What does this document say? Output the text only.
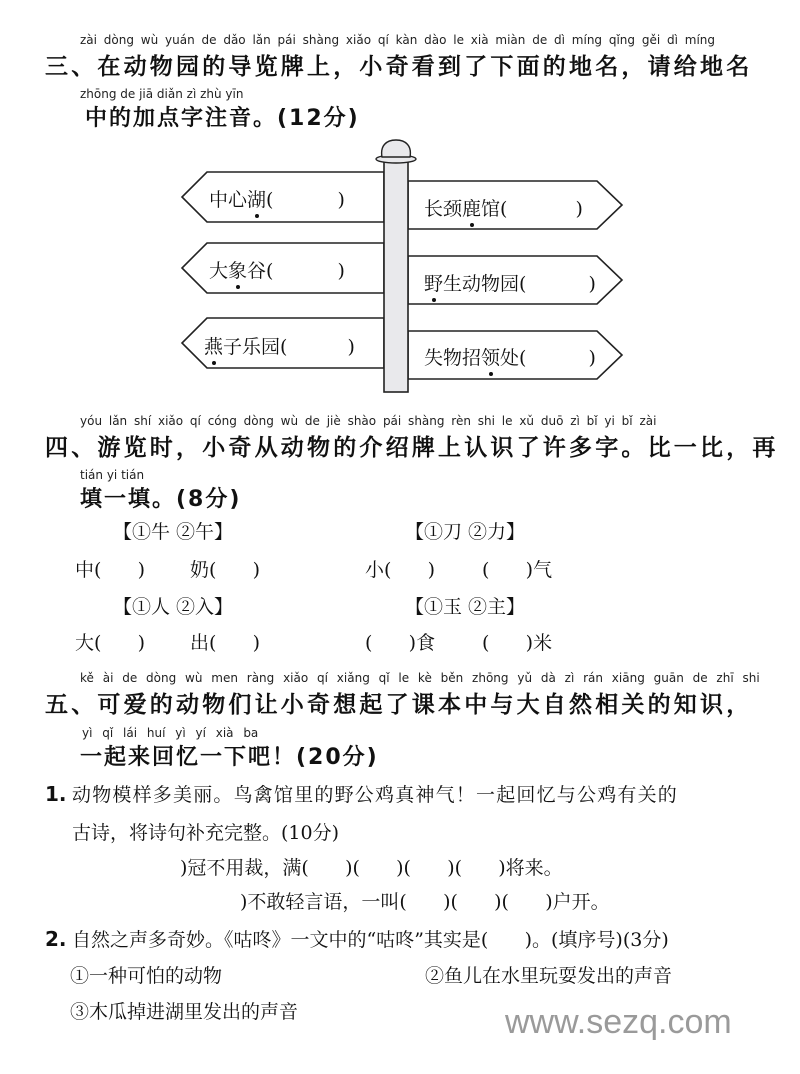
zài dòng wù yuán de dǎo lǎn pái shàng xiǎo qí kàn dào le xià miàn de dì míng qǐng gěi dì míng
三、在动物园的导览牌上，小奇看到了下面的地名，请给地名
zhōng de jiā diǎn zì zhù yīn
中的加点字注音。(12分)
中心湖(	)
大象谷(	)
燕子乐园(	)
长颈鹿馆(	)
野生动物园(	)
失物招领处(	)
yóu lǎn shí xiǎo qí cóng dòng wù de jiè shào pái shàng rèn shi le xǔ duō zì bǐ yi bǐ zài
四、游览时，小奇从动物的介绍牌上认识了许多字。比一比，再
tián yi tián
填一填。(8分)
【①牛 ②午】
中(      ) 奶(      )
【①刀 ②力】
小(      ) (      )气
【①人 ②入】
大(      ) 出(      )
【①玉 ②主】
(      )食 (      )米
kě ài de dòng wù men ràng xiǎo qí xiǎng qǐ le kè běn zhōng yǔ dà zì rán xiāng guān de zhī shi
五、可爱的动物们让小奇想起了课本中与大自然相关的知识，
yì qǐ lái huí yì yí xià ba
一起来回忆一下吧！(20分)
1. 动物模样多美丽。鸟禽馆里的野公鸡真神气！一起回忆与公鸡有关的
古诗，将诗句补充完整。(10分)
)冠不用裁，满(      )(      )(      )(      )将来。
)不敢轻言语，一叫(      )(      )(      )户开。
2. 自然之声多奇妙。《咕咚》一文中的“咕咚”其实是(      )。(填序号)(3分)
①一种可怕的动物	②鱼儿在水里玩耍发出的声音
③木瓜掉进湖里发出的声音	www.sezq.com
